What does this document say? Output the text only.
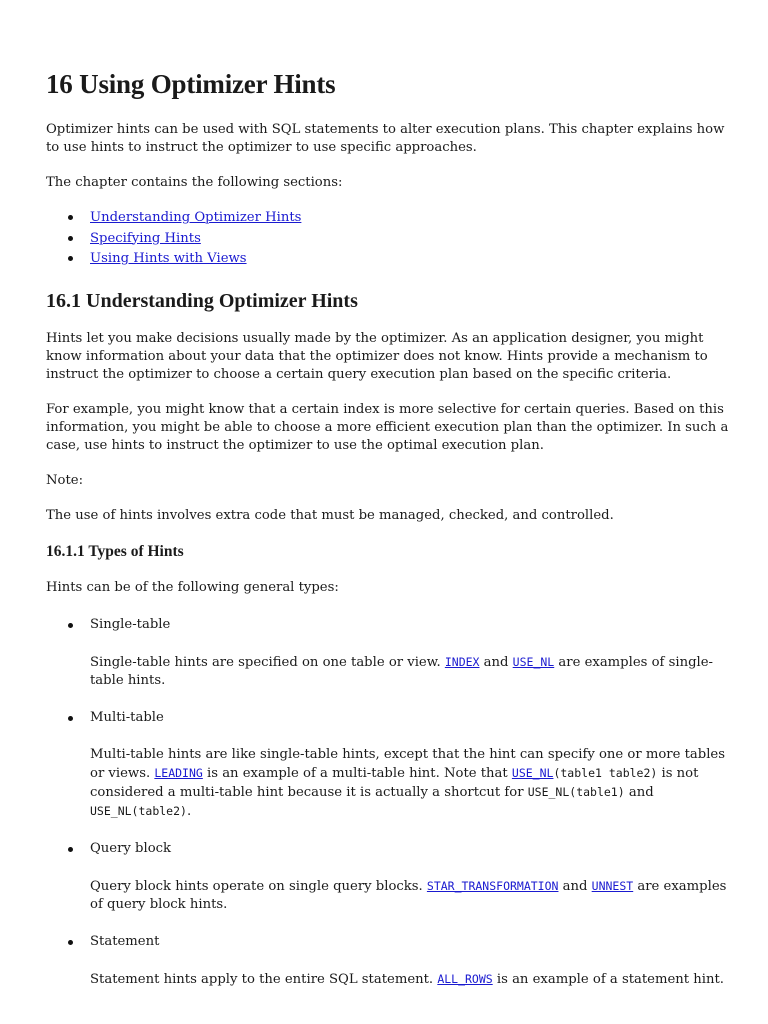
16 Using Optimizer Hints

Optimizer hints can be used with SQL statements to alter execution plans. This chapter explains how to use hints to instruct the optimizer to use specific approaches.

The chapter contains the following sections:

Understanding Optimizer Hints
Specifying Hints
Using Hints with Views
16.1 Understanding Optimizer Hints

Hints let you make decisions usually made by the optimizer. As an application designer, you might know information about your data that the optimizer does not know. Hints provide a mechanism to instruct the optimizer to choose a certain query execution plan based on the specific criteria.

For example, you might know that a certain index is more selective for certain queries. Based on this information, you might be able to choose a more efficient execution plan than the optimizer. In such a case, use hints to instruct the optimizer to use the optimal execution plan.

Note:

The use of hints involves extra code that must be managed, checked, and controlled.

16.1.1 Types of Hints

Hints can be of the following general types:

Single-table

Single-table hints are specified on one table or view. INDEX and USE_NL are examples of single-table hints.

Multi-table

Multi-table hints are like single-table hints, except that the hint can specify one or more tables or views. LEADING is an example of a multi-table hint. Note that USE_NL(table1 table2) is not considered a multi-table hint because it is actually a shortcut for USE_NL(table1) and USE_NL(table2).

Query block

Query block hints operate on single query blocks. STAR_TRANSFORMATION and UNNEST are examples of query block hints.

Statement

Statement hints apply to the entire SQL statement. ALL_ROWS is an example of a statement hint.
